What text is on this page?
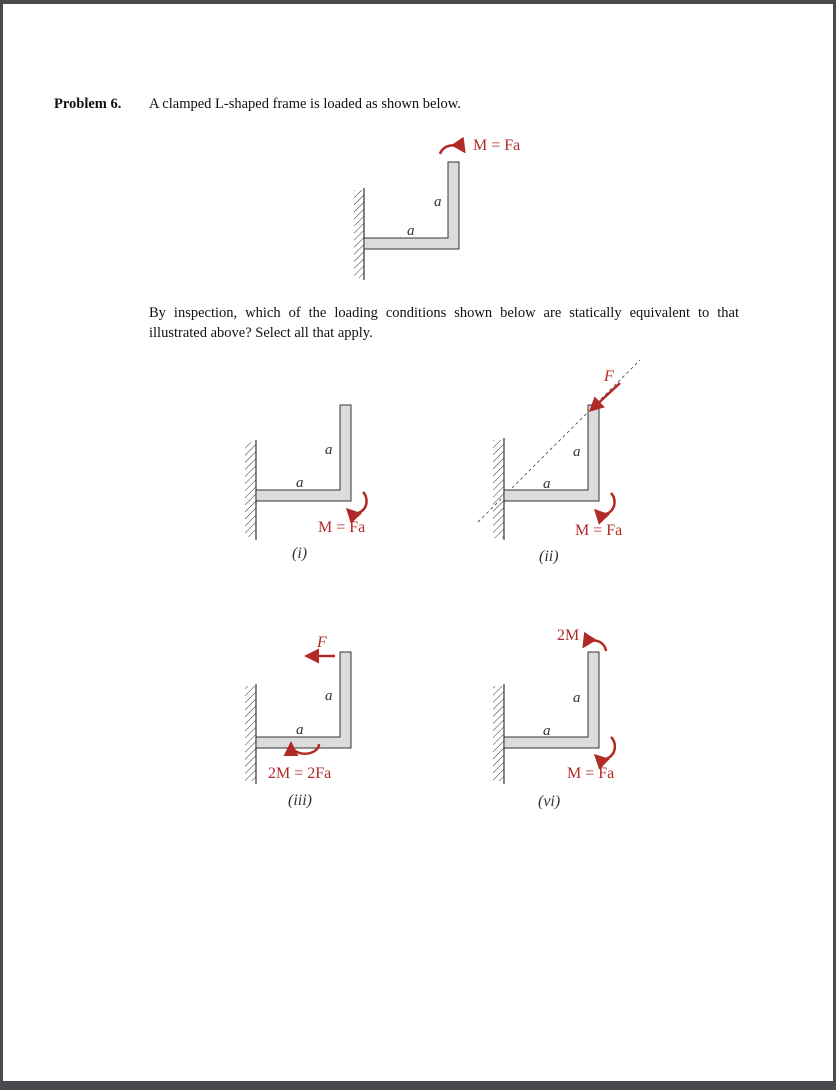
Problem 6. A clamped L-shaped frame is loaded as shown below.
By inspection, which of the loading conditions shown below are statically equivalent to that illustrated above? Select all that apply.
M = Fa
a
a
a
a
M = Fa
(i)
F
a
a
M = Fa
(ii)
F
a
a
2M = 2Fa
(iii)
2M
a
a
M = Fa
(vi)
